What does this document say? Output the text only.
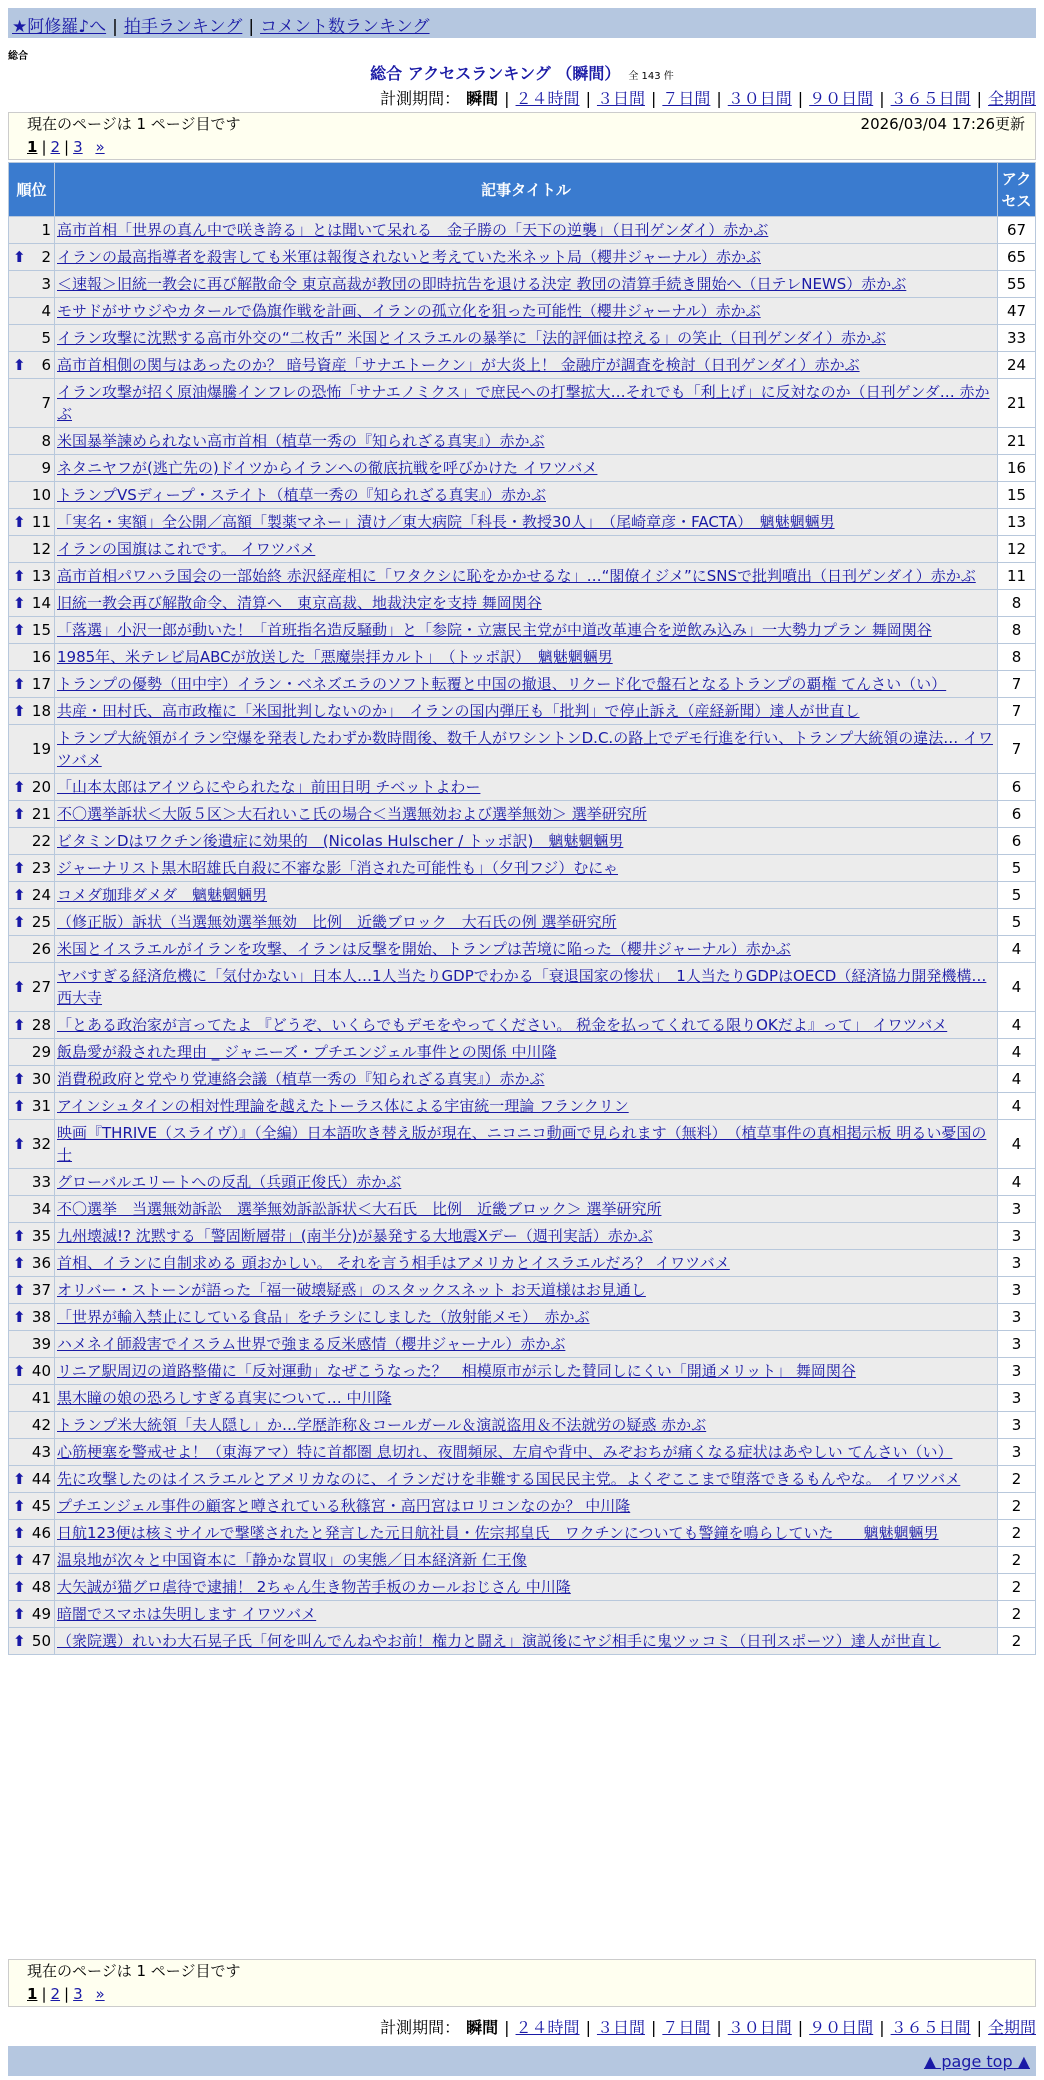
★阿修羅♪へ | 拍手ランキング | コメント数ランキング
総合
総合 アクセスランキング （瞬間） 全 143 件
計測期間： 瞬間 | ２４時間 | ３日間 | ７日間 | ３０日間 | ９０日間 | ３６５日間 | 全期間
現在のページは 1 ページ目です	2026/03/04 17:26更新
1 | 2 | 3 »
順位	記事タイトル	アクセス
1	高市首相「世界の真ん中で咲き誇る」とは聞いて呆れる　金子勝の「天下の逆襲」（日刊ゲンダイ）赤かぶ	67

⬆ 2	イランの最高指導者を殺害しても米軍は報復されないと考えていた米ネット局（櫻井ジャーナル）赤かぶ	65
3	＜速報＞旧統一教会に再び解散命令 東京高裁が教団の即時抗告を退ける決定 教団の清算手続き開始へ（日テレNEWS）赤かぶ	55
4	モサドがサウジやカタールで偽旗作戦を計画、イランの孤立化を狙った可能性（櫻井ジャーナル）赤かぶ	47
5	イラン攻撃に沈黙する高市外交の“二枚舌” 米国とイスラエルの暴挙に「法的評価は控える」の笑止（日刊ゲンダイ）赤かぶ	33

⬆ 6	高市首相側の関与はあったのか？ 暗号資産「サナエトークン」が大炎上！ 金融庁が調査を検討（日刊ゲンダイ）赤かぶ	24
7	イラン攻撃が招く原油爆騰インフレの恐怖「サナエノミクス」で庶民への打撃拡大…それでも「利上げ」に反対なのか（日刊ゲンダ… 赤かぶ	21
8	米国暴挙諫められない高市首相（植草一秀の『知られざる真実』）赤かぶ	21
9	ネタニヤフが(逃亡先の)ドイツからイランへの徹底抗戦を呼びかけた イワツバメ	16
10	トランプVSディープ・ステイト（植草一秀の『知られざる真実』）赤かぶ	15

⬆ 11	「実名・実額」全公開／高額「製薬マネー」漬け／東大病院「科長・教授30人」　（尾崎章彦・FACTA）　魑魅魍魎男	13
12	イランの国旗はこれです。 イワツバメ	12

⬆ 13	高市首相パワハラ国会の一部始終 赤沢経産相に「ワタクシに恥をかかせるな」…“閣僚イジメ”にSNSで批判噴出（日刊ゲンダイ）赤かぶ	11

⬆ 14	旧統一教会再び解散命令、清算へ　東京高裁、地裁決定を支持 舞岡関谷	8

⬆ 15	「落選」小沢一郎が動いた！「首班指名造反騒動」と「参院・立憲民主党が中道改革連合を逆飲み込み」一大勢力プラン 舞岡関谷	8
16	1985年、米テレビ局ABCが放送した「悪魔崇拝カルト」　（トッポ訳）　魑魅魍魎男	8

⬆ 17	トランプの優勢（田中宇）イラン・ベネズエラのソフト転覆と中国の撤退、リクード化で盤石となるトランプの覇権 てんさい（い）	7

⬆ 18	共産・田村氏、高市政権に「米国批判しないのか」　イランの国内弾圧も「批判」で停止訴え（産経新聞）達人が世直し	7
19	トランプ大統領がイラン空爆を発表したわずか数時間後、数千人がワシントンD.C.の路上でデモ行進を行い、トランプ大統領の違法… イワツバメ	7

⬆ 20	「山本太郎はアイツらにやられたな」前田日明 チベットよわー	6

⬆ 21	不〇選挙訴状＜大阪５区＞大石れいこ氏の場合＜当選無効および選挙無効＞ 選挙研究所	6
22	ビタミンDはワクチン後遺症に効果的　(Nicolas Hulscher / トッポ訳)　魑魅魍魎男	6

⬆ 23	ジャーナリスト黒木昭雄氏自殺に不審な影「消された可能性も」（夕刊フジ）むにゃ	5

⬆ 24	コメダ珈琲ダメダ　魑魅魍魎男	5

⬆ 25	（修正版）訴状（当選無効選挙無効　比例　近畿ブロック　大石氏の例 選挙研究所	5
26	米国とイスラエルがイランを攻撃、イランは反撃を開始、トランプは苦境に陥った（櫻井ジャーナル）赤かぶ	4

⬆ 27	ヤバすぎる経済危機に「気付かない」日本人…1人当たりGDPでわかる「衰退国家の惨状」　1人当たりGDPはOECD（経済協力開発機構… 西大寺	4

⬆ 28	「とある政治家が言ってたよ 『どうぞ、いくらでもデモをやってください。 税金を払ってくれてる限りOKだよ』って」 イワツバメ	4
29	飯島愛が殺された理由 _ ジャニーズ・プチエンジェル事件との関係 中川隆	4

⬆ 30	消費税政府と党やり党連絡会議（植草一秀の『知られざる真実』）赤かぶ	4

⬆ 31	アインシュタインの相対性理論を越えたトーラス体による宇宙統一理論 フランクリン	4

⬆ 32	映画『THRIVE（スライヴ）』（全編）日本語吹き替え版が現在、ニコニコ動画で見られます（無料）　（植草事件の真相掲示板 明るい憂国の士	4
33	グローバルエリートへの反乱（兵頭正俊氏）赤かぶ	4
34	不〇選挙　当選無効訴訟　選挙無効訴訟訴状＜大石氏　比例　近畿ブロック＞ 選挙研究所	3

⬆ 35	九州壊滅!? 沈黙する「警固断層帯」(南半分)が暴発する大地震Xデー（週刊実話）赤かぶ	3

⬆ 36	首相、イランに自制求める 頭おかしい。 それを言う相手はアメリカとイスラエルだろ？ イワツバメ	3

⬆ 37	オリバー・ストーンが語った「福一破壊疑惑」のスタックスネット お天道様はお見通し	3

⬆ 38	「世界が輸入禁止にしている食品」をチラシにしました（放射能メモ）　赤かぶ	3
39	ハメネイ師殺害でイスラム世界で強まる反米感情（櫻井ジャーナル）赤かぶ	3

⬆ 40	リニア駅周辺の道路整備に「反対運動」なぜこうなった？　相模原市が示した賛同しにくい「開通メリット」 舞岡関谷	3
41	黒木瞳の娘の恐ろしすぎる真実について… 中川隆	3
42	トランプ米大統領「夫人隠し」か…学歴詐称＆コールガール＆演説盗用＆不法就労の疑惑 赤かぶ	3
43	心筋梗塞を警戒せよ！（東海アマ）特に首都圏 息切れ、夜間頻尿、左肩や背中、みぞおちが痛くなる症状はあやしい てんさい（い）	3

⬆ 44	先に攻撃したのはイスラエルとアメリカなのに、イランだけを非難する国民民主党。よくぞここまで堕落できるもんやな。 イワツバメ	2

⬆ 45	プチエンジェル事件の顧客と噂されている秋篠宮・高円宮はロリコンなのか？ 中川隆	2

⬆ 46	日航123便は核ミサイルで撃墜されたと発言した元日航社員・佐宗邦皇氏　ワクチンについても警鐘を鳴らしていた　　魑魅魍魎男	2

⬆ 47	温泉地が次々と中国資本に「静かな買収」の実態／日本経済新 仁王像	2

⬆ 48	大矢誠が猫グロ虐待で逮捕！ 2ちゃん生き物苦手板のカールおじさん 中川隆	2

⬆ 49	暗闇でスマホは失明します イワツバメ	2

⬆ 50	（衆院選）れいわ大石晃子氏「何を叫んでんねやお前！権力と闘え」演説後にヤジ相手に鬼ツッコミ（日刊スポーツ）達人が世直し	2
現在のページは 1 ページ目です
1 | 2 | 3 »
計測期間： 瞬間 | ２４時間 | ３日間 | ７日間 | ３０日間 | ９０日間 | ３６５日間 | 全期間
▲ page top ▲
